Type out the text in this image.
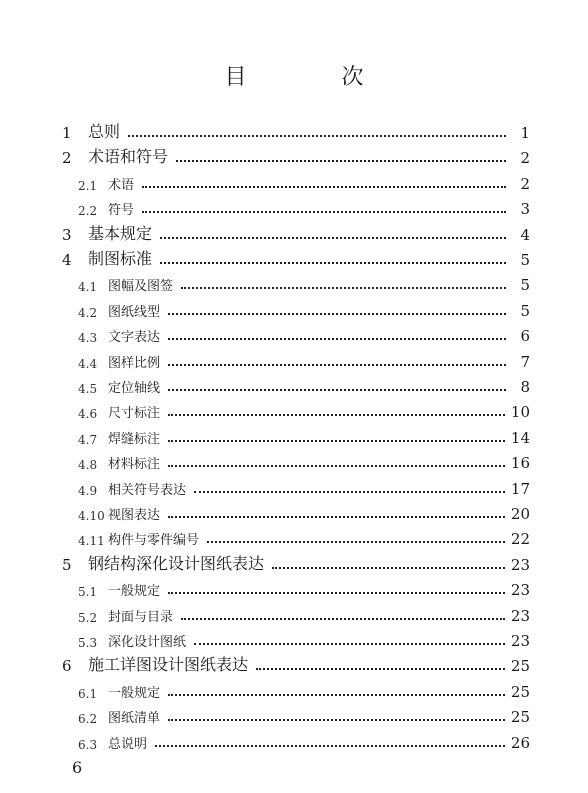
目 次
1	总则	1
2	术语和符号	2
2.1 术语	2
2.2 符号	3
3	基本规定	4
4	制图标准	5
4.1 图幅及图签	5
4.2 图纸线型	5
4.3 文字表达	6
4.4 图样比例	7
4.5 定位轴线	8
4.6 尺寸标注	10
4.7 焊缝标注	14
4.8 材料标注	16
4.9 相关符号表达	17
4.10 视图表达	20
4.11 构件与零件编号	22
5	钢结构深化设计图纸表达	23
5.1 一般规定	23
5.2 封面与目录	23
5.3 深化设计图纸	23
6	施工详图设计图纸表达	25
6.1 一般规定	25
6.2 图纸清单	25
6.3 总说明	26
6
